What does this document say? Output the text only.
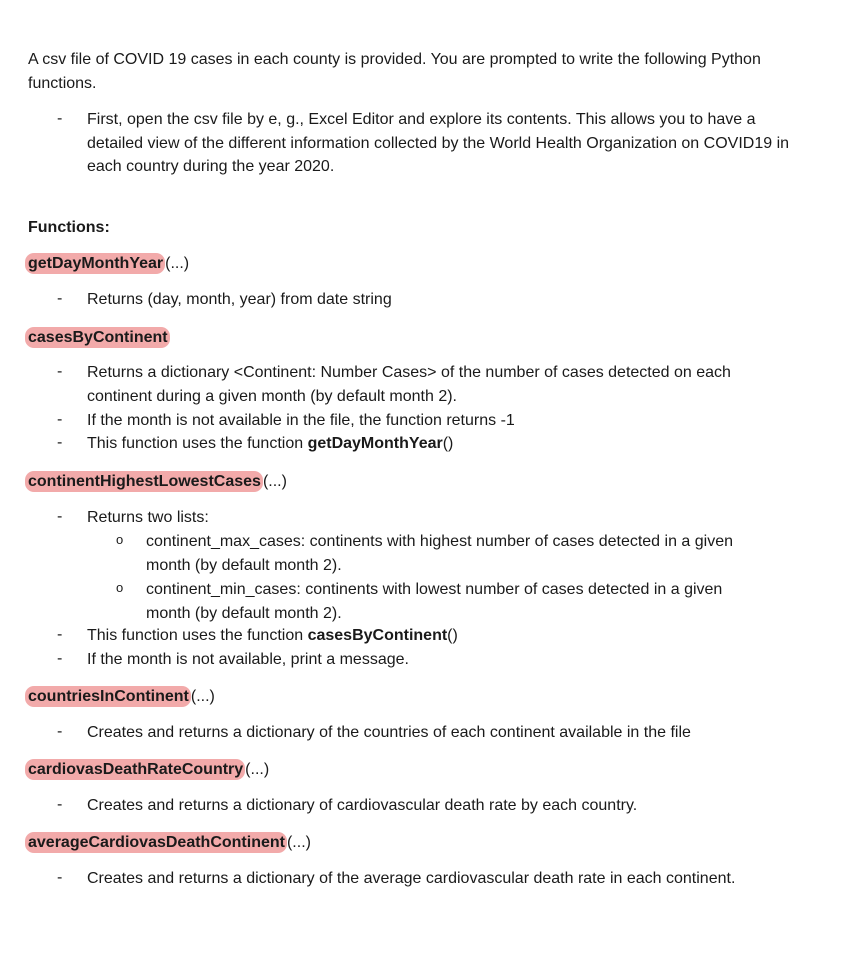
A csv file of COVID 19 cases in each county is provided. You are prompted to write the following Python functions.

- First, open the csv file by e, g., Excel Editor and explore its contents. This allows you to have a detailed view of the different information collected by the World Health Organization on COVID19 in each country during the year 2020.

Functions:
getDayMonthYear (...)
- Returns (day, month, year) from date string
casesByContinent
- Returns a dictionary <Continent: Number Cases> of the number of cases detected on each
continent during a given month (by default month 2).
- If the month is not available in the file, the function returns -1
- This function uses the function getDayMonthYear()
continentHighestLowestCases (...)
- Returns two lists:
o continent_max_cases: continents with highest number of cases detected in a given
month (by default month 2).
o continent_min_cases: continents with lowest number of cases detected in a given
month (by default month 2).
- This function uses the function casesByContinent()
- If the month is not available, print a message.
countriesInContinent (...)
- Creates and returns a dictionary of the countries of each continent available in the file
cardiovasDeathRateCountry (...)
- Creates and returns a dictionary of cardiovascular death rate by each country.
averageCardiovasDeathContinent (...)
- Creates and returns a dictionary of the average cardiovascular death rate in each continent.
